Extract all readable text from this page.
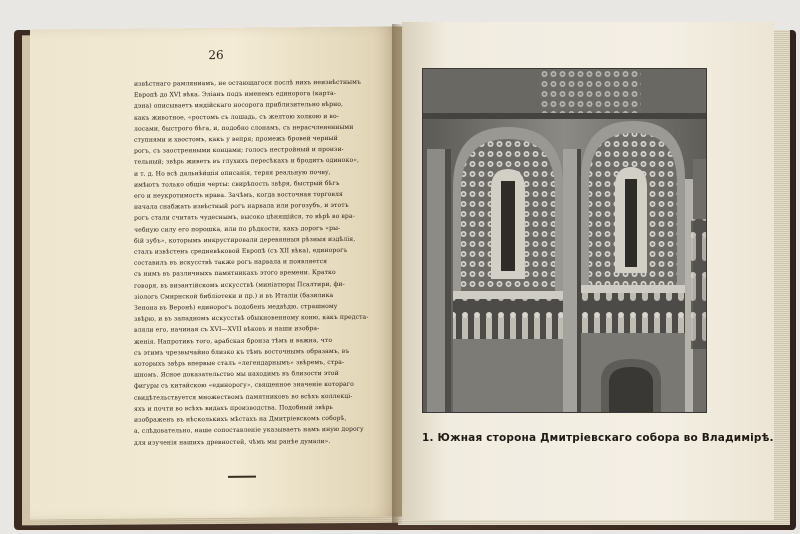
26
извѣстнаго рамляниамъ, не остающагося послѣ нихъ неизвѣстнымъ
Европѣ до XVI вѣка. Эліанъ подъ именемъ единорога (карта-
дэна) описываетъ индійскаго носорога приблизительно вѣрно,
какъ животное, «ростомъ съ лошадь, съ желтою холкою и во-
лосами, быстрого бѣга, и, подобно слонамъ, съ нерасчлененными
ступнями и хвостомъ, какъ у вепря; промежъ бровей черный
рогъ, съ заостренными концами; голосъ нестройный и пронзи-
тельный; звѣрь живетъ въ глухихъ пересѣкахъ и бродитъ одиноко»,
и т. д. Но всѣ дальнѣйшія описанія, теряя реальную почву,
имѣютъ только общія черты: свирѣпость звѣря, быстрый бѣгъ
его и неукротимость нрава. Зачѣмъ, когда восточная торговля
начала снабжать извѣстный рогъ нарвала или рогозубъ, и этотъ
рогъ стали считать чудеснымъ, высоко цѣнящійся, то вѣрѣ во вра-
чебную силу его порошка, или по рѣдкости, какъ дорогъ «ры-
бій зубъ», которымъ инкрустировали деревянныя рѣзныя издѣлія,
сталъ извѣстенъ средневѣковой Европѣ (съ XII вѣка), единорогъ
составилъ въ искусствѣ также рогъ нарвала и появляется
съ нимъ въ различныхъ памятникахъ этого времени. Кратко
говоря, въ византійскомъ искусствѣ (миніатюры Псалтири, фи-
зіологъ Смирнской библіотеки и пр.) и въ Италіи (базилика
Зенона въ Веронѣ) единорогъ подобенъ медвѣдю, страшному
звѣрю, и въ западномъ искусствѣ обыкновенному коню, какъ предста-
вляли его, начиная съ XVI—XVII вѣковъ и наши изобра-
женія. Напротивъ того, арабская бронза тѣмъ и важна, что
съ этимъ чрезвычайно близко къ тѣмъ восточнымъ образамъ, въ
которыхъ звѣрь впервые сталъ «легендарнымъ» звѣремъ, стра-
шномъ. Ясное доказательство мы находимъ въ близости этой
фигуры съ китайскою «единорогу», священное значеніе котораго
свидѣтельствуется множествомъ памятниковъ во всѣхъ коллекці-
яхъ и почти во всѣхъ видахъ производства. Подобный звѣрь
изображенъ въ нѣсколькихъ мѣстахъ на Дмитріевскомъ соборѣ,
а, слѣдовательно, наше сопоставленіе указываетъ намъ иную дорогу
для изученія нашихъ древностей, чѣмъ мы ранѣе думали».	1. Южная сторона Дмитріевскаго собора во Владимірѣ.
